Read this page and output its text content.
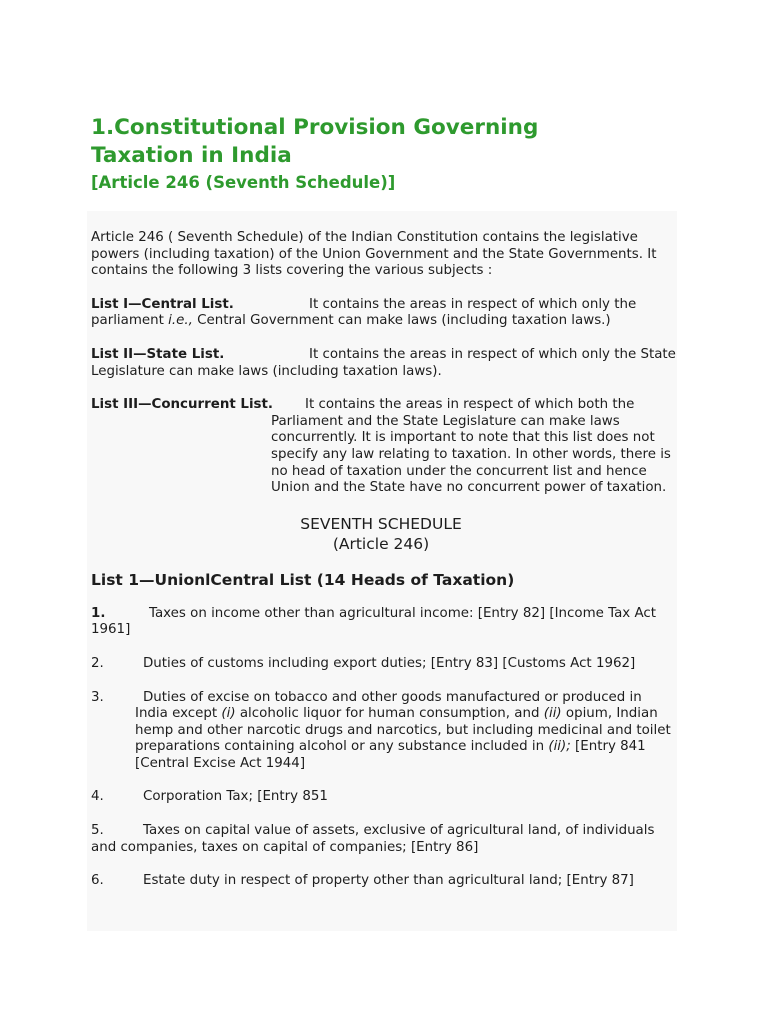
1.Constitutional Provision Governing
Taxation in India

[Article 246 (Seventh Schedule)]

Article 246 ( Seventh Schedule) of the Indian Constitution contains the legislative powers (including taxation) of the Union Government and the State Governments. It contains the following 3 lists covering the various subjects :

List I—Central List.	It contains the areas in respect of which only the parliament i.e., Central Government can make laws (including taxation laws.)

List II—State List.	It contains the areas in respect of which only the State Legislature can make laws (including taxation laws).

List III—Concurrent List. It contains the areas in respect of which both the
Parliament and the State Legislature can make laws concurrently. It is important to note that this list does not specify any law relating to taxation. In other words, there is no head of taxation under the concurrent list and hence Union and the State have no concurrent power of taxation.
SEVENTH SCHEDULE
(Article 246)

List 1—UnionlCentral List (14 Heads of Taxation)

1.	Taxes on income other than agricultural income: [Entry 82] [Income Tax Act 1961]

2.	Duties of customs including export duties; [Entry 83] [Customs Act 1962]

3.	Duties of excise on tobacco and other goods manufactured or produced in India except (i) alcoholic liquor for human consumption, and (ii) opium, Indian hemp and other narcotic drugs and narcotics, but including medicinal and toilet preparations containing alcohol or any substance included in (ii); [Entry 841 [Central Excise Act 1944]

4.	Corporation Tax; [Entry 851

5.	Taxes on capital value of assets, exclusive of agricultural land, of individuals and companies, taxes on capital of companies; [Entry 86]

6.	Estate duty in respect of property other than agricultural land; [Entry 87]
